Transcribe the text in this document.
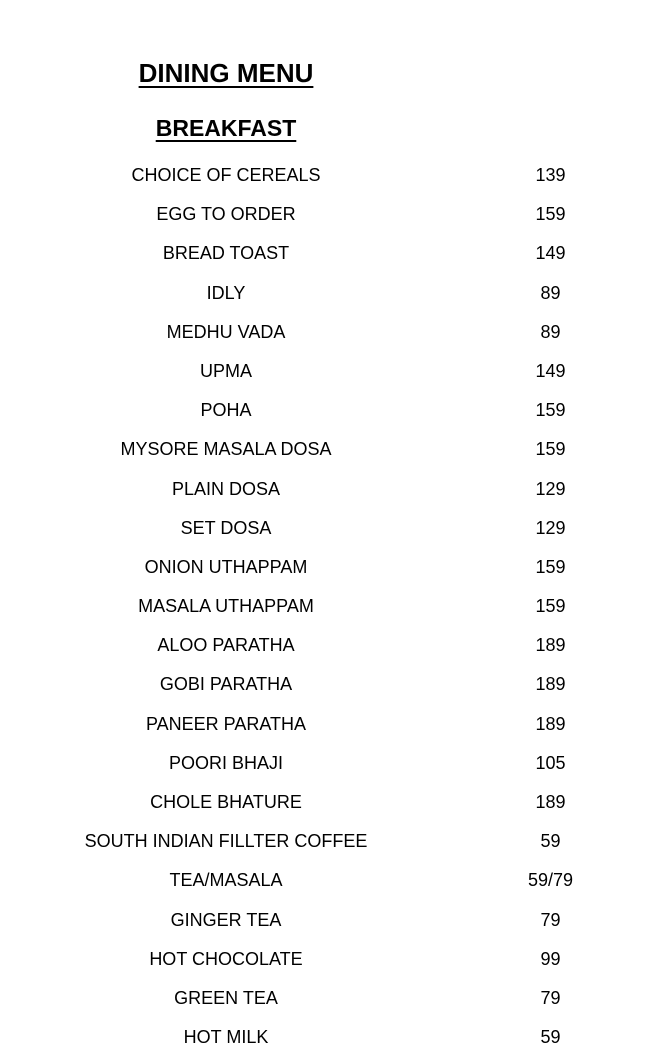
DINING MENU
BREAKFAST
CHOICE OF CEREALS	139
EGG TO ORDER	159
BREAD TOAST	149
IDLY	89
MEDHU VADA	89
UPMA	149
POHA	159
MYSORE MASALA DOSA	159
PLAIN DOSA	129
SET DOSA	129
ONION UTHAPPAM	159
MASALA UTHAPPAM	159
ALOO PARATHA	189
GOBI PARATHA	189
PANEER PARATHA	189
POORI BHAJI	105
CHOLE BHATURE	189
SOUTH INDIAN FILLTER COFFEE	59
TEA/MASALA	59/79
GINGER TEA	79
HOT CHOCOLATE	99
GREEN TEA	79
HOT MILK	59
